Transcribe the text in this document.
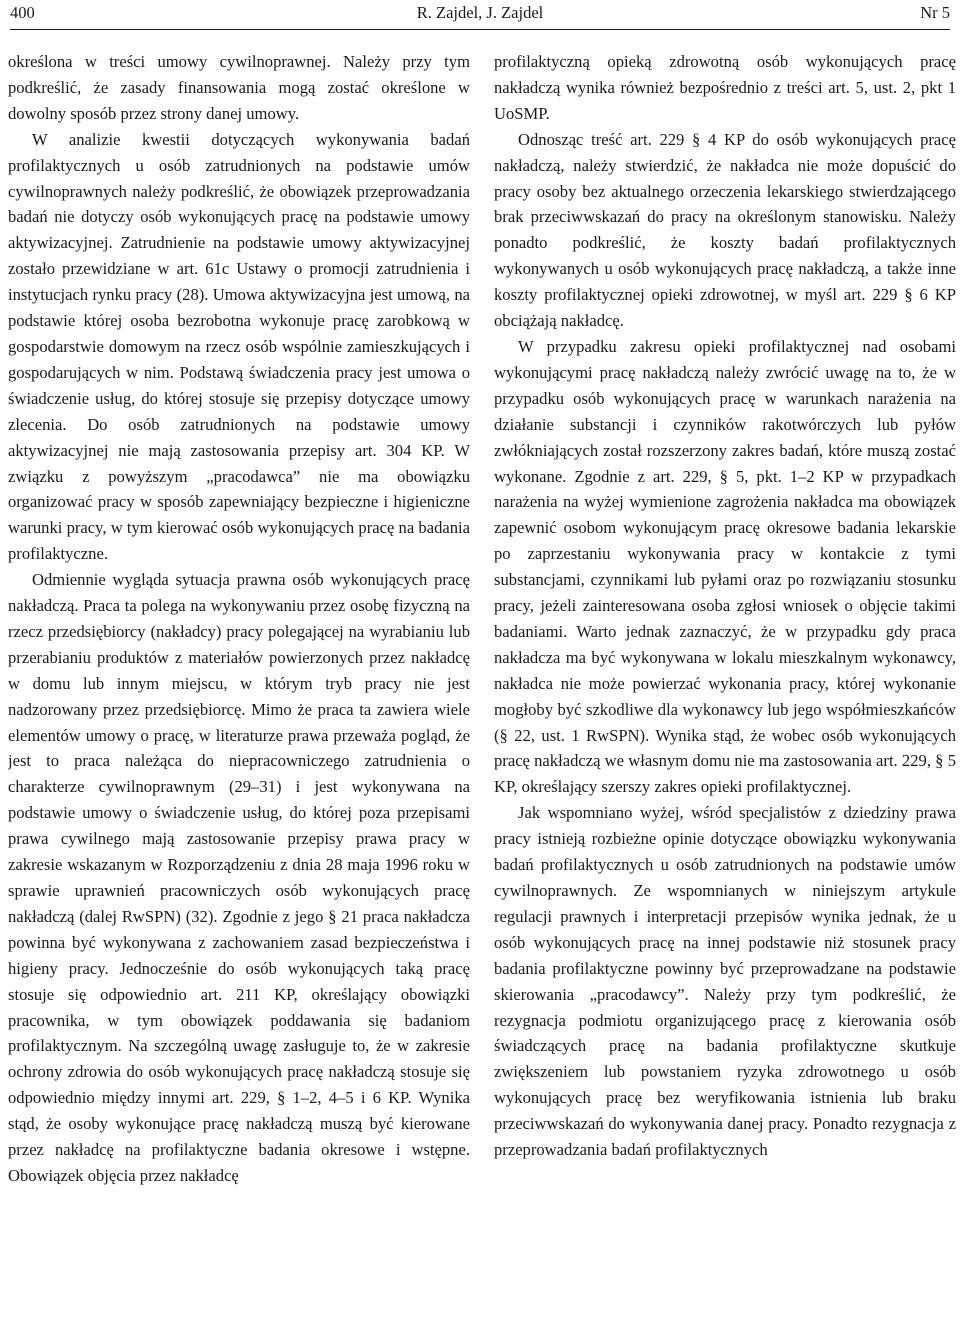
400	R. Zajdel, J. Zajdel	Nr 5

określona w treści umowy cywilnoprawnej. Należy przy tym podkreślić, że zasady finansowania mogą zostać określone w dowolny sposób przez strony danej umowy.

W analizie kwestii dotyczących wykonywania badań profilaktycznych u osób zatrudnionych na podstawie umów cywilnoprawnych należy podkreślić, że obowiązek przeprowadzania badań nie dotyczy osób wykonujących pracę na podstawie umowy aktywizacyjnej. Zatrudnienie na podstawie umowy aktywizacyjnej zostało przewidziane w art. 61c Ustawy o promocji zatrudnienia i instytucjach rynku pracy (28). Umowa aktywizacyjna jest umową, na podstawie której osoba bezrobotna wykonuje pracę zarobkową w gospodarstwie domowym na rzecz osób wspólnie zamieszkujących i gospodarujących w nim. Podstawą świadczenia pracy jest umowa o świadczenie usług, do której stosuje się przepisy dotyczące umowy zlecenia. Do osób zatrudnionych na podstawie umowy aktywizacyjnej nie mają zastosowania przepisy art. 304 KP. W związku z powyższym „pracodawca” nie ma obowiązku organizować pracy w sposób zapewniający bezpieczne i higieniczne warunki pracy, w tym kierować osób wykonujących pracę na badania profilaktyczne.

Odmiennie wygląda sytuacja prawna osób wykonujących pracę nakładczą. Praca ta polega na wykonywaniu przez osobę fizyczną na rzecz przedsiębiorcy (nakładcy) pracy polegającej na wyrabianiu lub przerabianiu produktów z materiałów powierzonych przez nakładcę w domu lub innym miejscu, w którym tryb pracy nie jest nadzorowany przez przedsiębiorcę. Mimo że praca ta zawiera wiele elementów umowy o pracę, w literaturze prawa przeważa pogląd, że jest to praca należąca do niepracowniczego zatrudnienia o charakterze cywilnoprawnym (29–31) i jest wykonywana na podstawie umowy o świadczenie usług, do której poza przepisami prawa cywilnego mają zastosowanie przepisy prawa pracy w zakresie wskazanym w Rozporządzeniu z dnia 28 maja 1996 roku w sprawie uprawnień pracowniczych osób wykonujących pracę nakładczą (dalej RwSPN) (32). Zgodnie z jego § 21 praca nakładcza powinna być wykonywana z zachowaniem zasad bezpieczeństwa i higieny pracy. Jednocześnie do osób wykonujących taką pracę stosuje się odpowiednio art. 211 KP, określający obowiązki pracownika, w tym obowiązek poddawania się badaniom profilaktycznym. Na szczególną uwagę zasługuje to, że w zakresie ochrony zdrowia do osób wykonujących pracę nakładczą stosuje się odpowiednio między innymi art. 229, § 1–2, 4–5 i 6 KP. Wynika stąd, że osoby wykonujące pracę nakładczą muszą być kierowane przez nakładcę na profilaktyczne badania okresowe i wstępne. Obowiązek objęcia przez nakładcę

profilaktyczną opieką zdrowotną osób wykonujących pracę nakładczą wynika również bezpośrednio z treści art. 5, ust. 2, pkt 1 UoSMP.

Odnosząc treść art. 229 § 4 KP do osób wykonujących pracę nakładczą, należy stwierdzić, że nakładca nie może dopuścić do pracy osoby bez aktualnego orzeczenia lekarskiego stwierdzającego brak przeciwwskazań do pracy na określonym stanowisku. Należy ponadto podkreślić, że koszty badań profilaktycznych wykonywanych u osób wykonujących pracę nakładczą, a także inne koszty profilaktycznej opieki zdrowotnej, w myśl art. 229 § 6 KP obciążają nakładcę.

W przypadku zakresu opieki profilaktycznej nad osobami wykonującymi pracę nakładczą należy zwrócić uwagę na to, że w przypadku osób wykonujących pracę w warunkach narażenia na działanie substancji i czynników rakotwórczych lub pyłów zwłókniających został rozszerzony zakres badań, które muszą zostać wykonane. Zgodnie z art. 229, § 5, pkt. 1–2 KP w przypadkach narażenia na wyżej wymienione zagrożenia nakładca ma obowiązek zapewnić osobom wykonującym pracę okresowe badania lekarskie po zaprzestaniu wykonywania pracy w kontakcie z tymi substancjami, czynnikami lub pyłami oraz po rozwiązaniu stosunku pracy, jeżeli zainteresowana osoba zgłosi wniosek o objęcie takimi badaniami. Warto jednak zaznaczyć, że w przypadku gdy praca nakładcza ma być wykonywana w lokalu mieszkalnym wykonawcy, nakładca nie może powierzać wykonania pracy, której wykonanie mogłoby być szkodliwe dla wykonawcy lub jego współmieszkańców (§ 22, ust. 1 RwSPN). Wynika stąd, że wobec osób wykonujących pracę nakładczą we własnym domu nie ma zastosowania art. 229, § 5 KP, określający szerszy zakres opieki profilaktycznej.

Jak wspomniano wyżej, wśród specjalistów z dziedziny prawa pracy istnieją rozbieżne opinie dotyczące obowiązku wykonywania badań profilaktycznych u osób zatrudnionych na podstawie umów cywilnoprawnych. Ze wspomnianych w niniejszym artykule regulacji prawnych i interpretacji przepisów wynika jednak, że u osób wykonujących pracę na innej podstawie niż stosunek pracy badania profilaktyczne powinny być przeprowadzane na podstawie skierowania „pracodawcy”. Należy przy tym podkreślić, że rezygnacja podmiotu organizującego pracę z kierowania osób świadczących pracę na badania profilaktyczne skutkuje zwiększeniem lub powstaniem ryzyka zdrowotnego u osób wykonujących pracę bez weryfikowania istnienia lub braku przeciwwskazań do wykonywania danej pracy. Ponadto rezygnacja z przeprowadzania badań profilaktycznych
